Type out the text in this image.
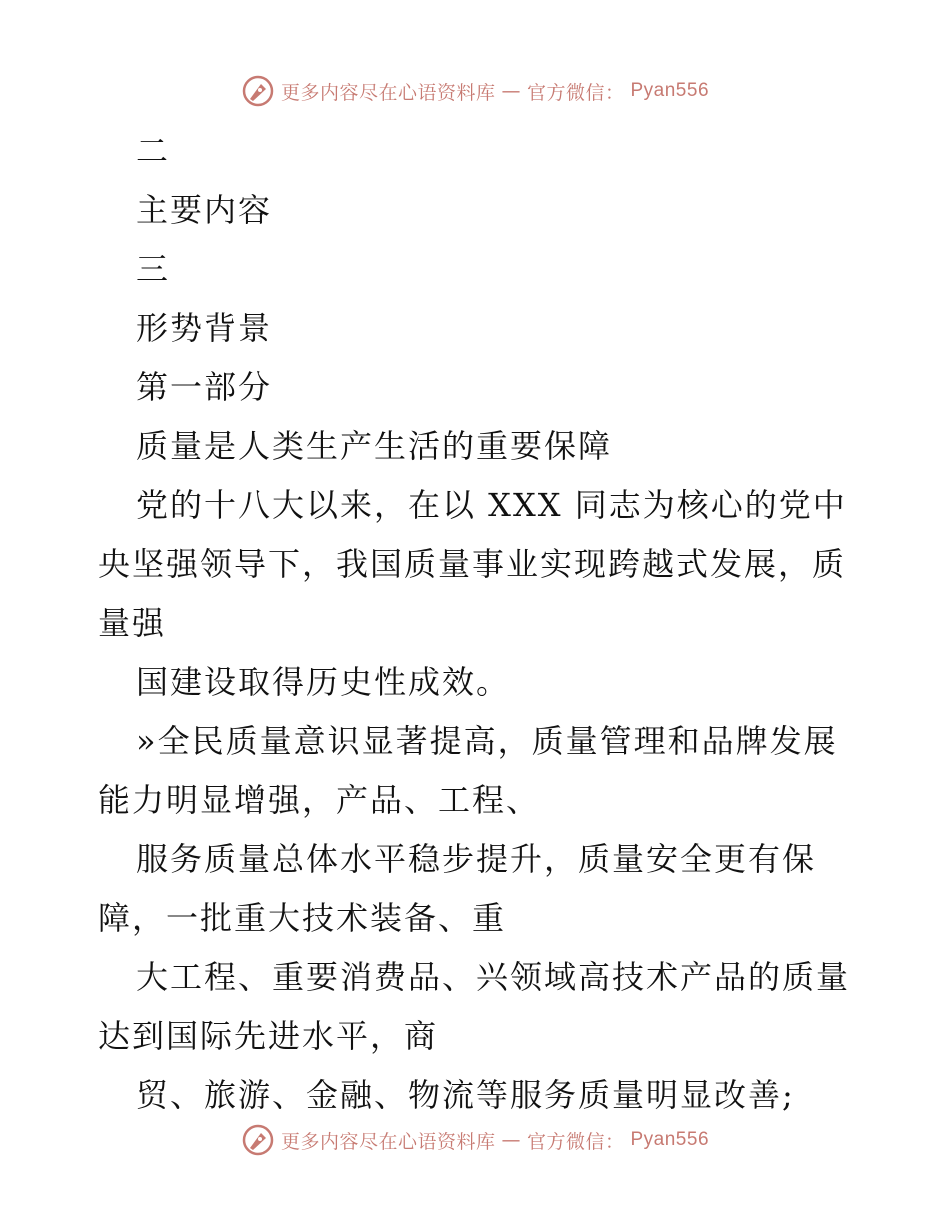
更多内容尽在心语资料库 — 官方微信： Pyan556
二
主要内容
三
形势背景
第一部分
质量是人类生产生活的重要保障
党的十八大以来，在以 XXX 同志为核心的党中
央坚强领导下，我国质量事业实现跨越式发展，质
量强
国建设取得历史性成效。
»全民质量意识显著提高，质量管理和品牌发展
能力明显增强，产品、工程、
服务质量总体水平稳步提升，质量安全更有保
障，一批重大技术装备、重
大工程、重要消费品、兴领域高技术产品的质量
达到国际先进水平，商
贸、旅游、金融、物流等服务质量明显改善;
更多内容尽在心语资料库 — 官方微信： Pyan556
